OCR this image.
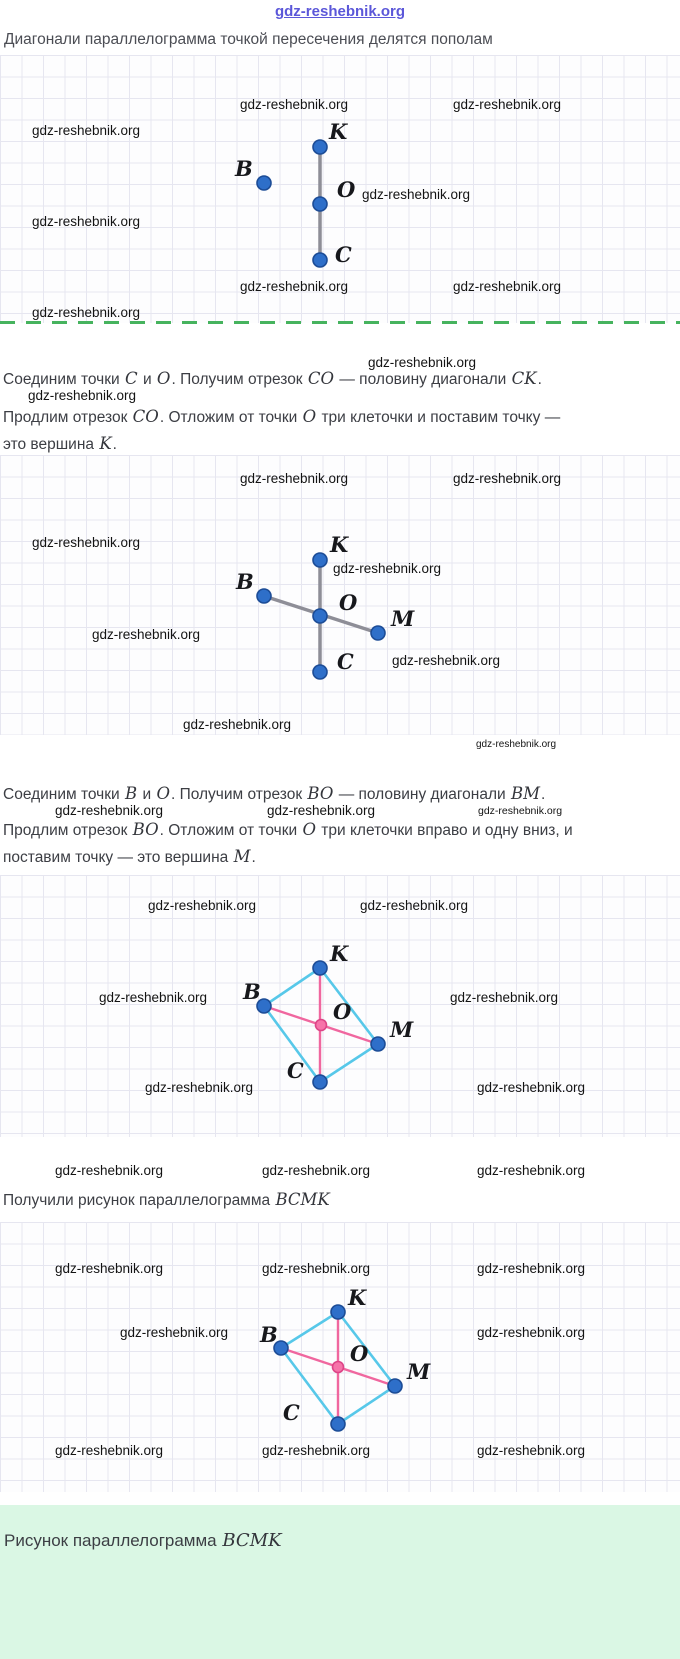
gdz-reshebnik.org
Диагонали параллелограмма точкой пересечения делятся пополам
gdz-reshebnik.org	gdz-reshebnik.org
gdz-reshebnik.org
gdz-reshebnik.org
gdz-reshebnik.org
gdz-reshebnik.org	gdz-reshebnik.org
gdz-reshebnik.org
K
B
O
C
Соединим точки C и O. Получим отрезок CO — половину диагонали CK.
Продлим отрезок CO. Отложим от точки O три клеточки и поставим точку —
это вершина K.
gdz-reshebnik.org	gdz-reshebnik.org
gdz-reshebnik.org
gdz-reshebnik.org
gdz-reshebnik.org
gdz-reshebnik.org
gdz-reshebnik.org
K
B
O
M
C
Соединим точки B и O. Получим отрезок BO — половину диагонали BM.
Продлим отрезок BO. Отложим от точки O три клеточки вправо и одну вниз, и
поставим точку — это вершина M.
gdz-reshebnik.org	gdz-reshebnik.org
gdz-reshebnik.org	gdz-reshebnik.org
gdz-reshebnik.org	gdz-reshebnik.org
K
B
M
C
O
Получили рисунок параллелограмма BCMK
gdz-reshebnik.org	gdz-reshebnik.org	gdz-reshebnik.org
gdz-reshebnik.org	gdz-reshebnik.org
gdz-reshebnik.org	gdz-reshebnik.org	gdz-reshebnik.org
K
B
M
C
O
Рисунок параллелограмма BCMK
gdz-reshebnik.org
gdz-reshebnik.org
gdz-reshebnik.org
gdz-reshebnik.org	gdz-reshebnik.org	gdz-reshebnik.org
gdz-reshebnik.org	gdz-reshebnik.org	gdz-reshebnik.org
